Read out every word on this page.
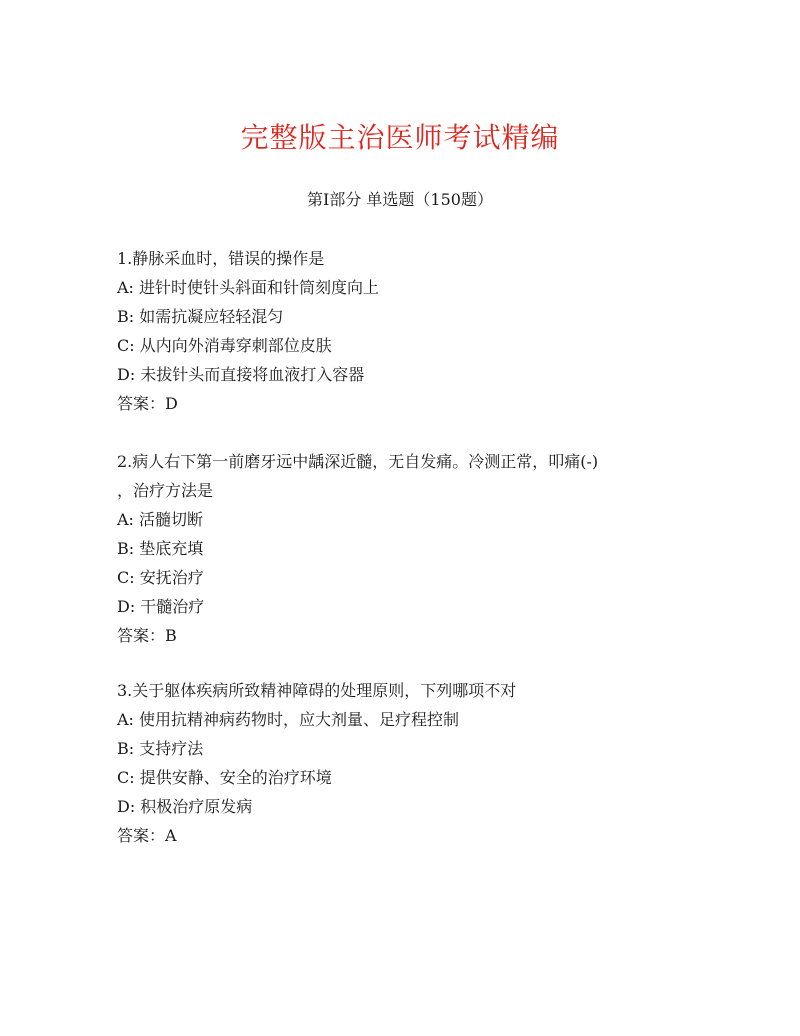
完整版主治医师考试精编
第I部分 单选题（150题）
1.静脉采血时，错误的操作是
A: 进针时使针头斜面和针筒刻度向上
B: 如需抗凝应轻轻混匀
C: 从内向外消毒穿刺部位皮肤
D: 未拔针头而直接将血液打入容器
答案：D
2.病人右下第一前磨牙远中龋深近髓，无自发痛。冷测正常，叩痛(-)
，治疗方法是
A: 活髓切断
B: 垫底充填
C: 安抚治疗
D: 干髓治疗
答案：B
3.关于躯体疾病所致精神障碍的处理原则，下列哪项不对
A: 使用抗精神病药物时，应大剂量、足疗程控制
B: 支持疗法
C: 提供安静、安全的治疗环境
D: 积极治疗原发病
答案：A
